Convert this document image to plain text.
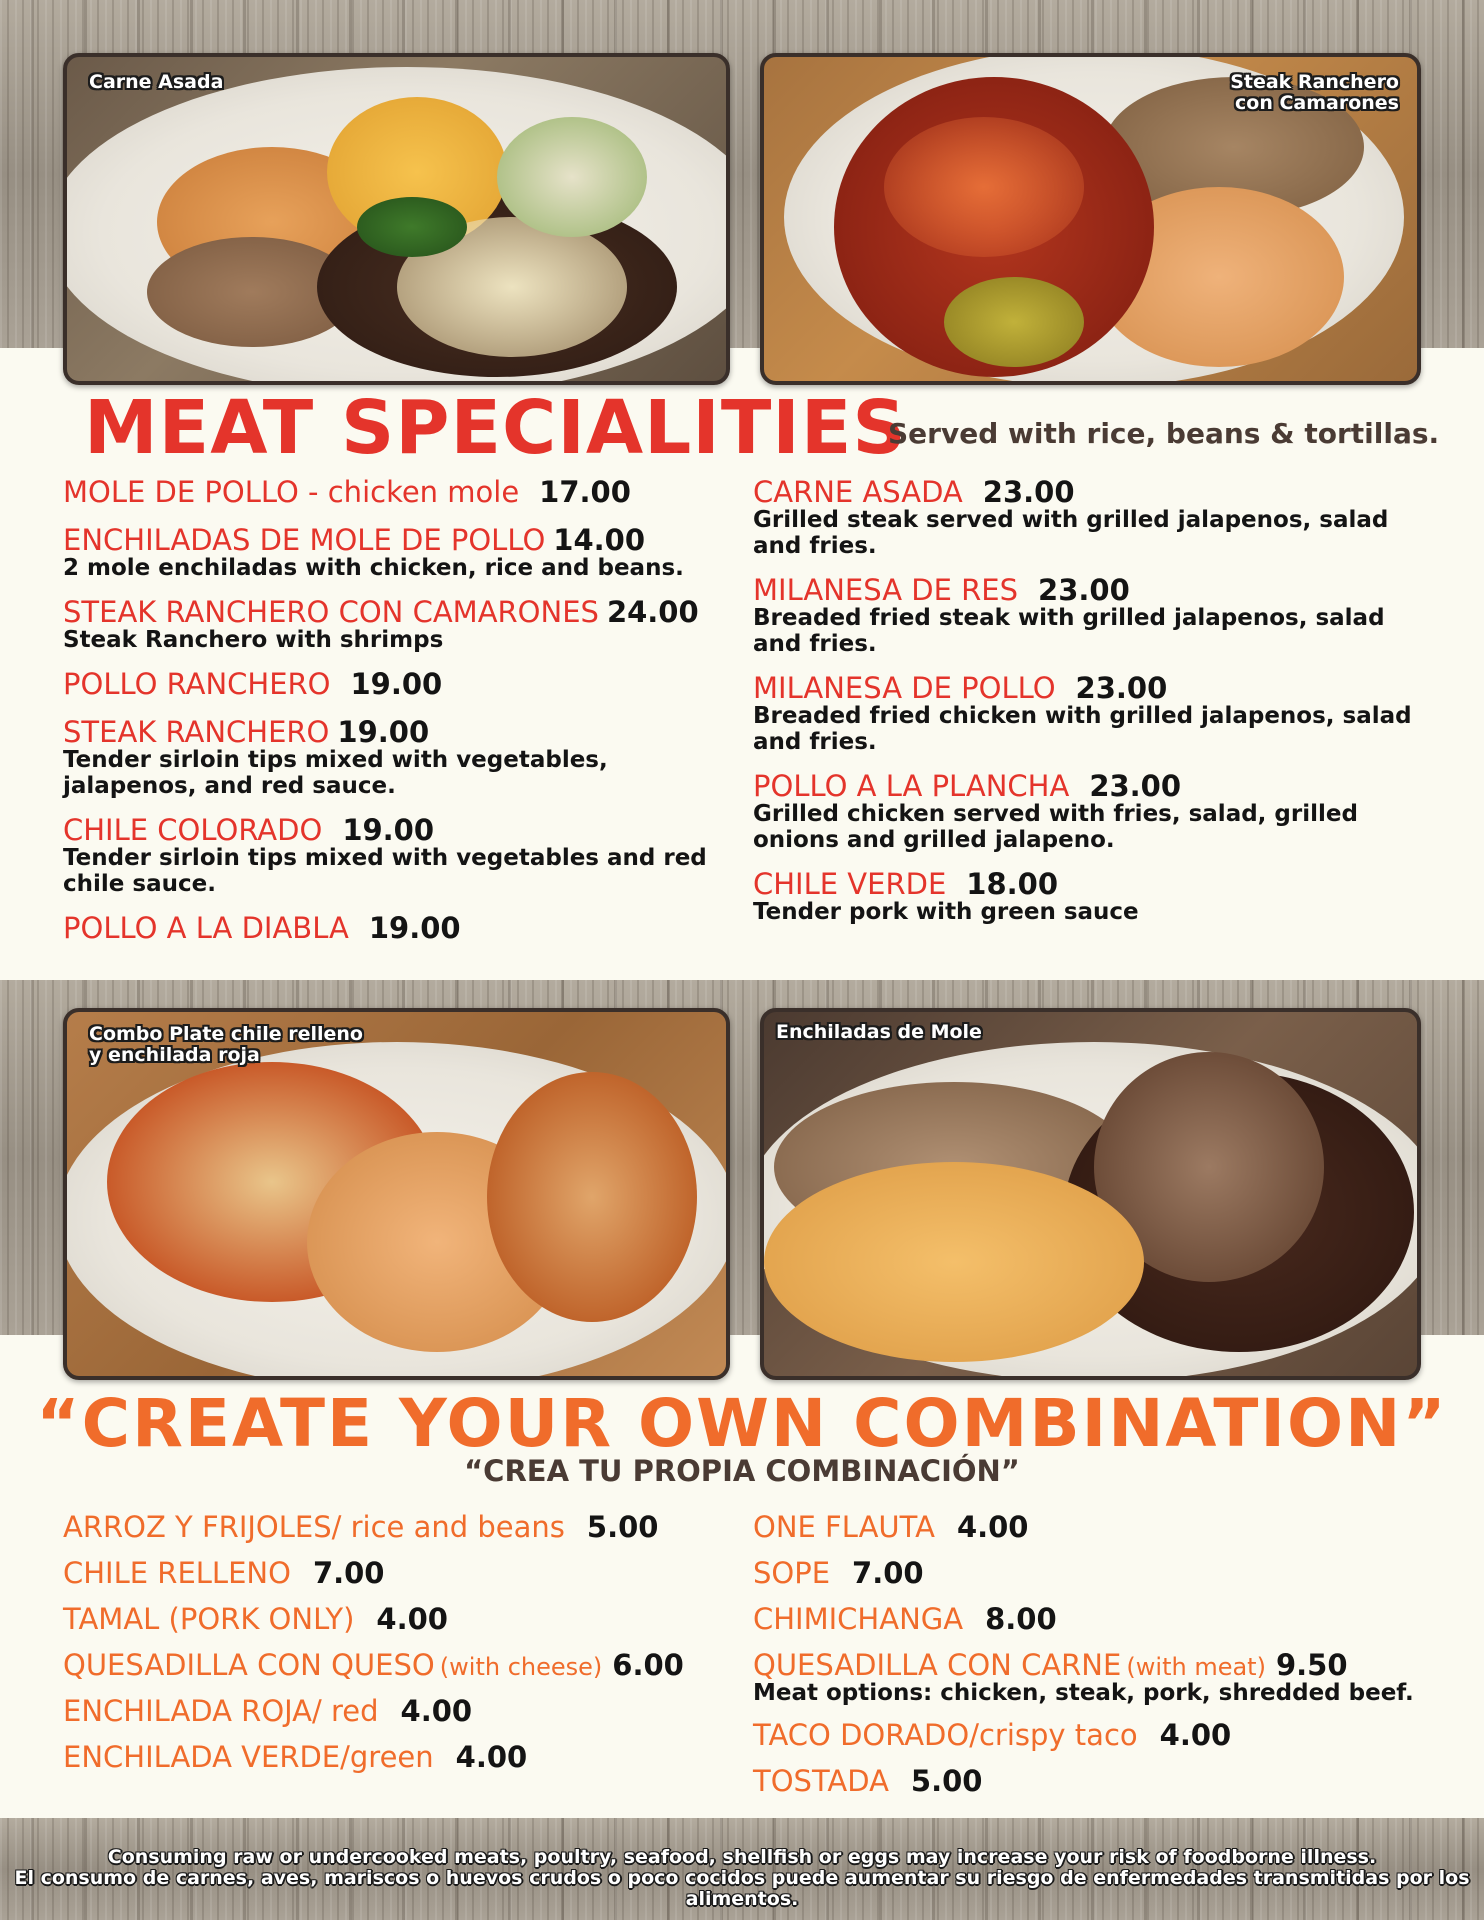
Carne Asada	Steak Ranchero
con Camarones
MEAT SPECIALITIES
Served with rice, beans & tortillas.
MOLE DE POLLO - chicken mole 17.00
ENCHILADAS DE MOLE DE POLLO 14.00
2 mole enchiladas with chicken, rice and beans.
STEAK RANCHERO CON CAMARONES 24.00
Steak Ranchero with shrimps
POLLO RANCHERO 19.00
STEAK RANCHERO 19.00
Tender sirloin tips mixed with vegetables, jalapenos, and red sauce.
CHILE COLORADO 19.00
Tender sirloin tips mixed with vegetables and red chile sauce.
POLLO A LA DIABLA 19.00
CARNE ASADA 23.00
Grilled steak served with grilled jalapenos, salad and fries.
MILANESA DE RES 23.00
Breaded fried steak with grilled jalapenos, salad and fries.
MILANESA DE POLLO 23.00
Breaded fried chicken with grilled jalapenos, salad and fries.
POLLO A LA PLANCHA 23.00
Grilled chicken served with fries, salad, grilled onions and grilled jalapeno.
CHILE VERDE 18.00
Tender pork with green sauce
Combo Plate chile relleno
y enchilada roja
Enchiladas de Mole
“CREATE YOUR OWN COMBINATION”
“CREA TU PROPIA COMBINACIÓN”
ARROZ Y FRIJOLES/ rice and beans 5.00
CHILE RELLENO 7.00
TAMAL (PORK ONLY) 4.00
QUESADILLA CON QUESO (with cheese) 6.00
ENCHILADA ROJA/ red 4.00
ENCHILADA VERDE/green 4.00
ONE FLAUTA 4.00
SOPE 7.00
CHIMICHANGA 8.00
QUESADILLA CON CARNE (with meat) 9.50
Meat options: chicken, steak, pork, shredded beef.
TACO DORADO/crispy taco 4.00
TOSTADA 5.00
Consuming raw or undercooked meats, poultry, seafood, shellfish or eggs may increase your risk of foodborne illness.
El consumo de carnes, aves, mariscos o huevos crudos o poco cocidos puede aumentar su riesgo de enfermedades transmitidas por los alimentos.
